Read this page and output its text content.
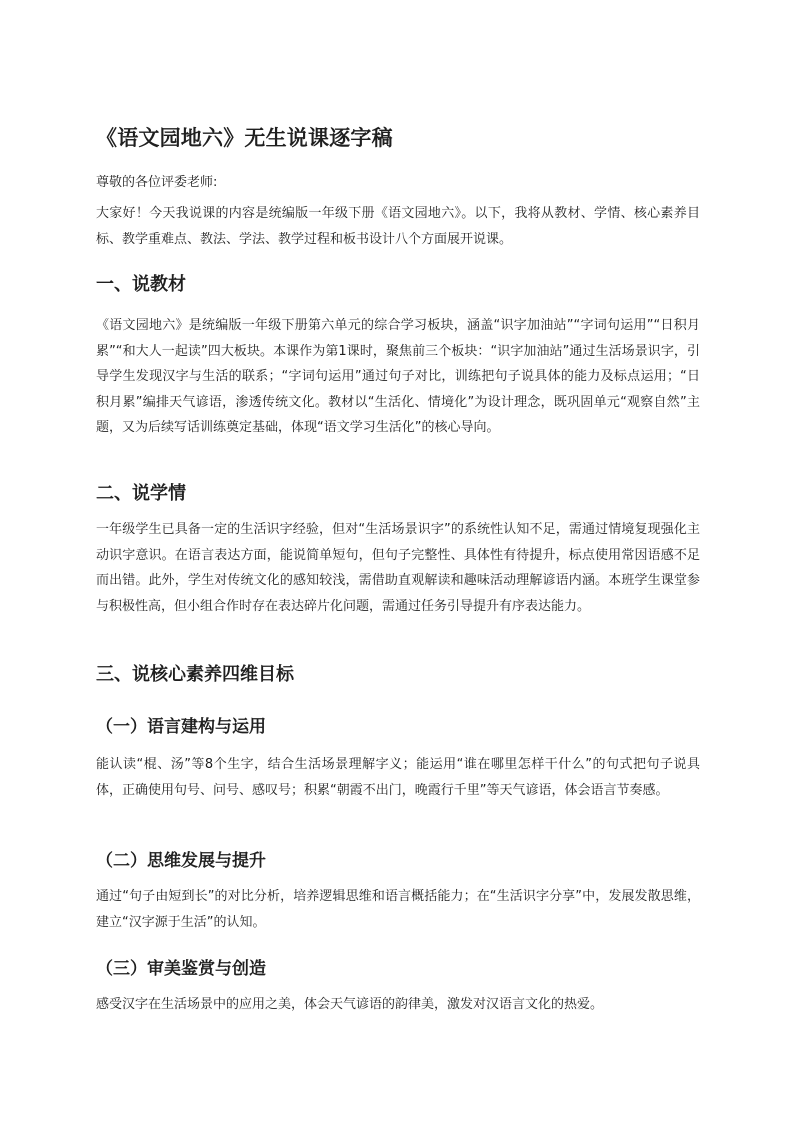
《语文园地六》无生说课逐字稿

尊敬的各位评委老师:

大家好！今天我说课的内容是统编版一年级下册《语文园地六》。以下，我将从教材、学情、核心素养目标、教学重难点、教法、学法、教学过程和板书设计八个方面展开说课。

一、说教材

《语文园地六》是统编版一年级下册第六单元的综合学习板块，涵盖“识字加油站”“字词句运用”“日积月累”“和大人一起读”四大板块。本课作为第1课时，聚焦前三个板块：“识字加油站”通过生活场景识字，引导学生发现汉字与生活的联系；“字词句运用”通过句子对比，训练把句子说具体的能力及标点运用；“日积月累”编排天气谚语，渗透传统文化。教材以“生活化、情境化”为设计理念，既巩固单元“观察自然”主题，又为后续写话训练奠定基础，体现“语文学习生活化”的核心导向。

二、说学情

一年级学生已具备一定的生活识字经验，但对“生活场景识字”的系统性认知不足，需通过情境复现强化主动识字意识。在语言表达方面，能说简单短句，但句子完整性、具体性有待提升，标点使用常因语感不足而出错。此外，学生对传统文化的感知较浅，需借助直观解读和趣味活动理解谚语内涵。本班学生课堂参与积极性高，但小组合作时存在表达碎片化问题，需通过任务引导提升有序表达能力。

三、说核心素养四维目标
（一）语言建构与运用

能认读“棍、汤”等8个生字，结合生活场景理解字义；能运用“谁在哪里怎样干什么”的句式把句子说具体，正确使用句号、问号、感叹号；积累“朝霞不出门，晚霞行千里”等天气谚语，体会语言节奏感。

（二）思维发展与提升

通过“句子由短到长”的对比分析，培养逻辑思维和语言概括能力；在“生活识字分享”中，发展发散思维，建立“汉字源于生活”的认知。

（三）审美鉴赏与创造

感受汉字在生活场景中的应用之美，体会天气谚语的韵律美，激发对汉语言文化的热爱。
